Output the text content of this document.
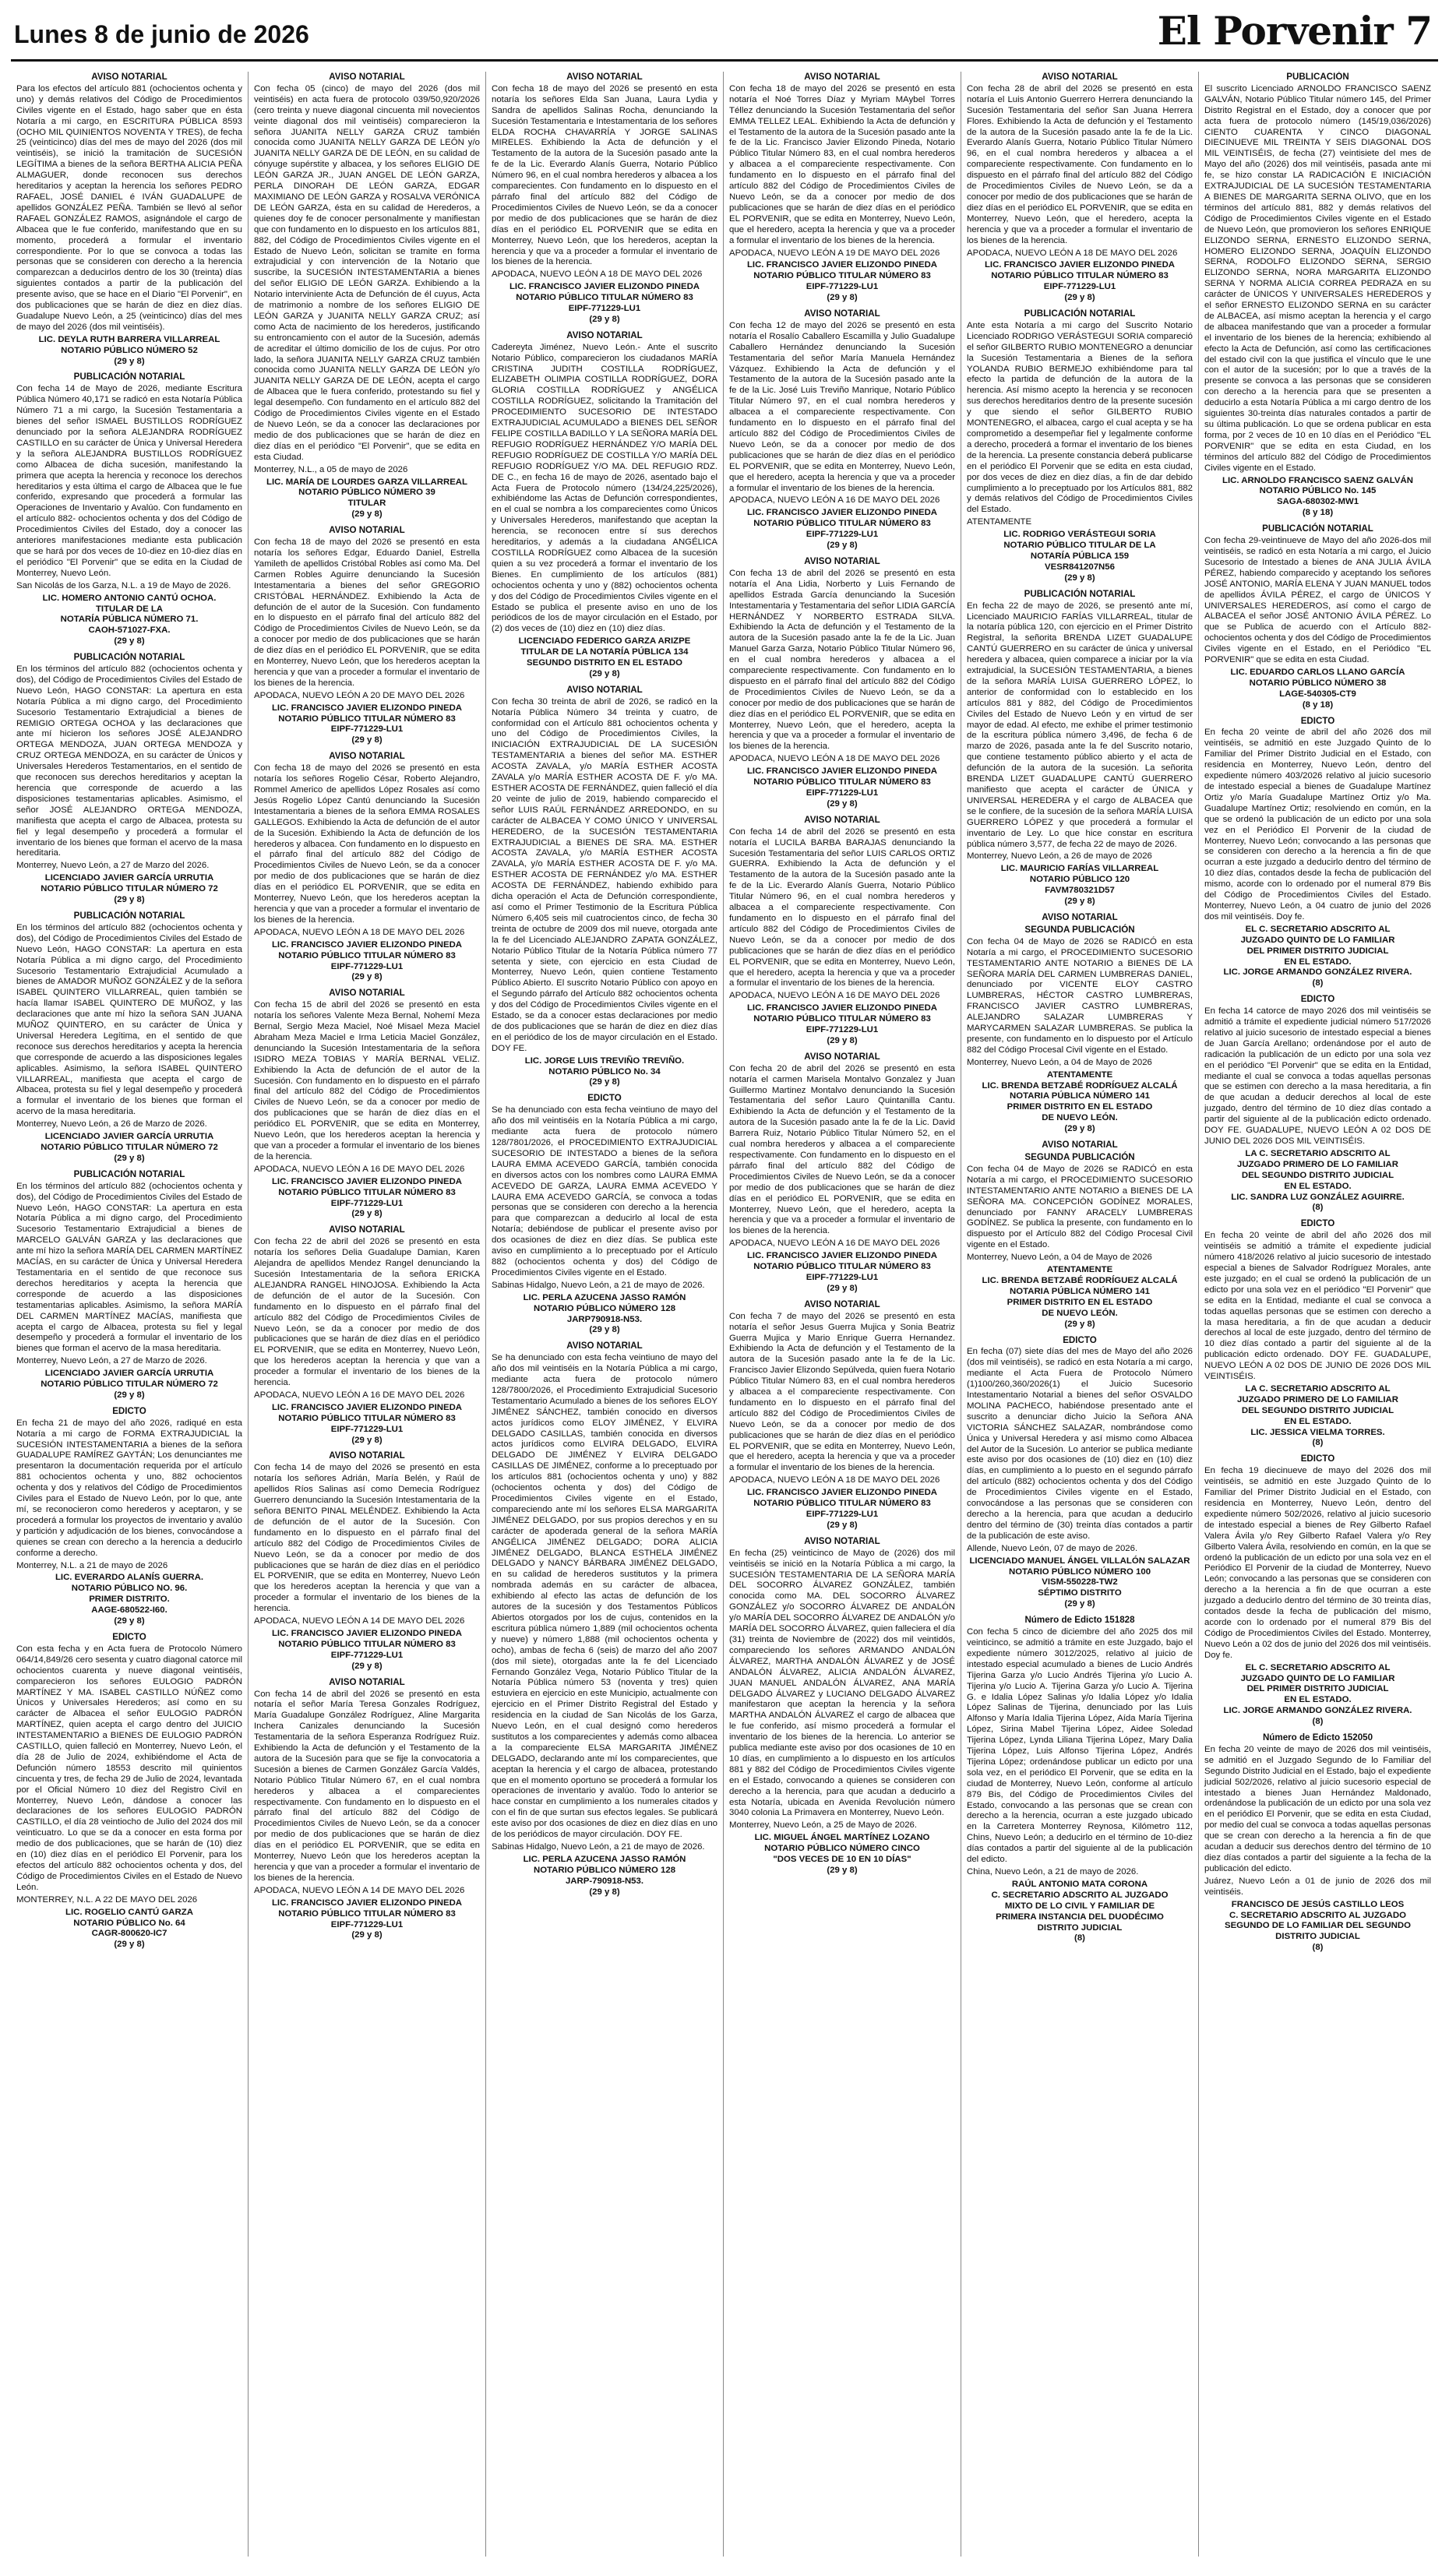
Lunes 8 de junio de 2026	El Porvenir 7
AVISO NOTARIAL

Para los efectos del artículo 881 (ochocientos ochenta y uno) y demás relativos del Código de Procedimientos Civiles vigente en el Estado, hago saber que en ésta Notaría a mi cargo, en ESCRITURA PÚBLICA 8593 (OCHO MIL QUINIENTOS NOVENTA Y TRES), de fecha 25 (veinticinco) días del mes de mayo del 2026 (dos mil veintiséis), se inició la tramitación de SUCESIÓN LEGÍTIMA a bienes de la señora BERTHA ALICIA PEÑA ALMAGUER, donde reconocen sus derechos hereditarios y aceptan la herencia los señores PEDRO RAFAEL, JOSÉ DANIEL é IVÁN GUADALUPE de apellidos GONZÁLEZ PEÑA. También se llevó al señor RAFAEL GONZÁLEZ RAMOS, asignándole el cargo de Albacea que le fue conferido, manifestando que en su momento, procederá a formular el inventario correspondiente. Por lo que se convoca a todas las personas que se consideren con derecho a la herencia comparezcan a deducirlos dentro de los 30 (treinta) días siguientes contados a partir de la publicación del presente aviso, que se hace en el Diario "El Porvenir", en dos publicaciones que se harán de diez en diez días. Guadalupe Nuevo León, a 25 (veinticinco) días del mes de mayo del 2026 (dos mil veintiséis).

LIC. DEYLA RUTH BARRERA VILLARREAL
NOTARIO PÚBLICO NÚMERO 52
(29 y 8)
PUBLICACIÓN NOTARIAL

Con fecha 14 de Mayo de 2026, mediante Escritura Pública Número 40,171 se radicó en esta Notaría Pública Número 71 a mi cargo, la Sucesión Testamentaria a bienes del señor ISMAEL BUSTILLOS RODRÍGUEZ denunciado por la señora ALEJANDRA RODRÍGUEZ CASTILLO en su carácter de Única y Universal Heredera y la señora ALEJANDRA BUSTILLOS RODRÍGUEZ como Albacea de dicha sucesión, manifestando la primera que acepta la herencia y reconoce los derechos hereditarios y esta última el cargo de Albacea que le fue conferido, expresando que procederá a formular las Operaciones de Inventario y Avalúo. Con fundamento en el artículo 882- ochocientos ochenta y dos del Código de Procedimientos Civiles del Estado, doy a conocer las anteriores manifestaciones mediante esta publicación que se hará por dos veces de 10-diez en 10-diez días en el periódico "El Porvenir" que se edita en la Ciudad de Monterrey, Nuevo León.

San Nicolás de los Garza, N.L. a 19 de Mayo de 2026.

LIC. HOMERO ANTONIO CANTÚ OCHOA.
TITULAR DE LA
NOTARÍA PÚBLICA NÚMERO 71.
CAOH-571027-FXA.
(29 y 8)
PUBLICACIÓN NOTARIAL

En los términos del artículo 882 (ochocientos ochenta y dos), del Código de Procedimientos Civiles del Estado de Nuevo León, HAGO CONSTAR: La apertura en esta Notaría Pública a mi digno cargo, del Procedimiento Sucesorio Testamentario Extrajudicial a bienes de REMIGIO ORTEGA OCHOA y las declaraciones que ante mí hicieron los señores JOSÉ ALEJANDRO ORTEGA MENDOZA, JUAN ORTEGA MENDOZA y CRUZ ORTEGA MENDOZA, en su carácter de Únicos y Universales Herederos Testamentarios, en el sentido de que reconocen sus derechos hereditarios y aceptan la herencia que corresponde de acuerdo a las disposiciones testamentarias aplicables. Asimismo, el señor JOSÉ ALEJANDRO ORTEGA MENDOZA, manifiesta que acepta el cargo de Albacea, protesta su fiel y legal desempeño y procederá a formular el inventario de los bienes que forman el acervo de la masa hereditaria.

Monterrey, Nuevo León, a 27 de Marzo del 2026.

LICENCIADO JAVIER GARCÍA URRUTIA
NOTARIO PÚBLICO TITULAR NÚMERO 72
(29 y 8)
PUBLICACIÓN NOTARIAL

En los términos del artículo 882 (ochocientos ochenta y dos), del Código de Procedimientos Civiles del Estado de Nuevo León, HAGO CONSTAR: La apertura en esta Notaría Pública a mi digno cargo, del Procedimiento Sucesorio Testamentario Extrajudicial Acumulado a bienes de AMADOR MUÑOZ GONZÁLEZ y de la señora ISABEL QUINTERO VILLARREAL, quien también se hacía llamar ISABEL QUINTERO DE MUÑOZ, y las declaraciones que ante mí hizo la señora SAN JUANA MUÑOZ QUINTERO, en su carácter de Única y Universal Heredera Legítima, en el sentido de que reconoce sus derechos hereditarios y acepta la herencia que corresponde de acuerdo a las disposiciones legales aplicables. Asimismo, la señora ISABEL QUINTERO VILLARREAL, manifiesta que acepta el cargo de Albacea, protesta su fiel y legal desempeño y procederá a formular el inventario de los bienes que forman el acervo de la masa hereditaria.

Monterrey, Nuevo León, a 26 de Marzo de 2026.

LICENCIADO JAVIER GARCÍA URRUTIA
NOTARIO PÚBLICO TITULAR NÚMERO 72
(29 y 8)
PUBLICACIÓN NOTARIAL

En los términos del artículo 882 (ochocientos ochenta y dos), del Código de Procedimientos Civiles del Estado de Nuevo León, HAGO CONSTAR: La apertura en esta Notaría Pública a mi digno cargo, del Procedimiento Sucesorio Testamentario Extrajudicial a bienes de MARCELO GALVÁN GARZA y las declaraciones que ante mí hizo la señora MARÍA DEL CARMEN MARTÍNEZ MACÍAS, en su carácter de Única y Universal Heredera Testamentaria en el sentido de que reconoce sus derechos hereditarios y acepta la herencia que corresponde de acuerdo a las disposiciones testamentarias aplicables. Asimismo, la señora MARÍA DEL CARMEN MARTÍNEZ MACÍAS, manifiesta que acepta el cargo de Albacea, protesta su fiel y legal desempeño y procederá a formular el inventario de los bienes que forman el acervo de la masa hereditaria.

Monterrey, Nuevo León, a 27 de Marzo de 2026.

LICENCIADO JAVIER GARCÍA URRUTIA
NOTARIO PÚBLICO TITULAR NÚMERO 72
(29 y 8)
EDICTO

En fecha 21 de mayo del año 2026, radiqué en esta Notaría a mi cargo de FORMA EXTRAJUDICIAL la SUCESIÓN INTESTAMENTARIA a bienes de la señora GUADALUPE RAMÍREZ GAYTÁN; Los denunciantes me presentaron la documentación requerida por el artículo 881 ochocientos ochenta y uno, 882 ochocientos ochenta y dos y relativos del Código de Procedimientos Civiles para el Estado de Nuevo León, por lo que, ante mí, se reconocieron como herederos y aceptaron, y se procederá a formular los proyectos de inventario y avalúo y partición y adjudicación de los bienes, convocándose a quienes se crean con derecho a la herencia a deducirlo conforme a derecho.

Monterrey, N.L. a 21 de mayo de 2026

LIC. EVERARDO ALANÍS GUERRA.
NOTARIO PÚBLICO NO. 96.
PRIMER DISTRITO.
AAGE-680522-I60.
(29 y 8)
EDICTO

Con esta fecha y en Acta fuera de Protocolo Número 064/14,849/26 cero sesenta y cuatro diagonal catorce mil ochocientos cuarenta y nueve diagonal veintiséis, comparecieron los señores EULOGIO PADRÓN MARTÍNEZ Y MA. ISABEL CASTILLO NÚÑEZ como Únicos y Universales Herederos; así como en su carácter de Albacea el señor EULOGIO PADRÓN MARTÍNEZ, quien acepta el cargo dentro del JUICIO INTESTAMENTARIO a BIENES DE EULOGIO PADRÓN CASTILLO, quien falleció en Monterrey, Nuevo León, el día 28 de Julio de 2024, exhibiéndome el Acta de Defunción número 18553 descrito mil quinientos cincuenta y tres, de fecha 29 de Julio de 2024, levantada por el Oficial Número 10 diez del Registro Civil en Monterrey, Nuevo León, dándose a conocer las declaraciones de los señores EULOGIO PADRÓN CASTILLO, el día 28 veintiocho de Julio del 2024 dos mil veinticuatro. Lo que se da a conocer en esta forma por medio de dos publicaciones, que se harán de (10) diez en (10) diez días en el periódico El Porvenir, para los efectos del artículo 882 ochocientos ochenta y dos, del Código de Procedimientos Civiles en el Estado de Nuevo León.

MONTERREY, N.L. A 22 DE MAYO DEL 2026

LIC. ROGELIO CANTÚ GARZA
NOTARIO PÚBLICO No. 64
CAGR-800620-IC7
(29 y 8)
AVISO NOTARIAL

Con fecha 05 (cinco) de mayo del 2026 (dos mil veintiséis) en acta fuera de protocolo 039/50,920/2026 (cero treinta y nueve diagonal cincuenta mil novecientos veinte diagonal dos mil veintiséis) comparecieron la señora JUANITA NELLY GARZA CRUZ también conocida como JUANITA NELLY GARZA DE LEÓN y/o JUANITA NELLY GARZA DE DE LEÓN, en su calidad de cónyuge supérstite y albacea, y los señores ELIGIO DE LEÓN GARZA JR., JUAN ANGEL DE LEÓN GARZA, PERLA DINORAH DE LEÓN GARZA, EDGAR MAXIMIANO DE LEÓN GARZA y ROSALVA VERÓNICA DE LEÓN GARZA, ésta en su calidad de Herederos, a quienes doy fe de conocer personalmente y manifiestan que con fundamento en lo dispuesto en los artículos 881, 882, del Código de Procedimientos Civiles vigente en el Estado de Nuevo León, solicitan se tramite en forma extrajudicial y con intervención de la Notario que suscribe, la SUCESIÓN INTESTAMENTARIA a bienes del señor ELIGIO DE LEÓN GARZA. Exhibiendo a la Notario interviniente Acta de Defunción de él cuyus, Acta de matrimonio a nombre de los señores ELIGIO DE LEÓN GARZA y JUANITA NELLY GARZA CRUZ; así como Acta de nacimiento de los herederos, justificando su entroncamiento con el autor de la Sucesión, además de acreditar el último domicilio de los de cujus. Por otro lado, la señora JUANITA NELLY GARZA CRUZ también conocida como JUANITA NELLY GARZA DE LEÓN y/o JUANITA NELLY GARZA DE DE LEÓN, acepta el cargo de Albacea que le fuera conferido, protestando su fiel y legal desempeño. Con fundamento en el artículo 882 del Código de Procedimientos Civiles vigente en el Estado de Nuevo León, se da a conocer las declaraciones por medio de dos publicaciones que se harán de diez en diez días en el periódico "El Porvenir", que se edita en esta Ciudad.

Monterrey, N.L., a 05 de mayo de 2026

LIC. MARÍA DE LOURDES GARZA VILLARREAL
NOTARIO PÚBLICO NÚMERO 39
TITULAR
(29 y 8)
AVISO NOTARIAL

Con fecha 18 de mayo del 2026 se presentó en esta notaría los señores Edgar, Eduardo Daniel, Estrella Yamileth de apellidos Cristóbal Robles así como Ma. Del Carmen Robles Aguirre denunciando la Sucesión Intestamentaria a bienes del señor GREGORIO CRISTÓBAL HERNÁNDEZ. Exhibiendo la Acta de defunción de el autor de la Sucesión. Con fundamento en lo dispuesto en el párrafo final del artículo 882 del Código de Procedimientos Civiles de Nuevo León, se da a conocer por medio de dos publicaciones que se harán de diez días en el periódico EL PORVENIR, que se edita en Monterrey, Nuevo León, que los herederos aceptan la herencia y que van a proceder a formular el inventario de los bienes de la herencia.

APODACA, NUEVO LEÓN A 20 DE MAYO DEL 2026

LIC. FRANCISCO JAVIER ELIZONDO PINEDA
NOTARIO PÚBLICO TITULAR NÚMERO 83
EIPF-771229-LU1
(29 y 8)
AVISO NOTARIAL

Con fecha 18 de mayo del 2026 se presentó en esta notaría los señores Rogelio César, Roberto Alejandro, Rommel Americo de apellidos López Rosales así como Jesús Rogelio López Cantú denunciando la Sucesión Intestamentaria a bienes de la señora EMMA ROSALES GALLEGOS. Exhibiendo la Acta de defunción de el autor de la Sucesión. Exhibiendo la Acta de defunción de los herederos y albacea. Con fundamento en lo dispuesto en el párrafo final del artículo 882 del Código de Procedimientos Civiles de Nuevo León, se da a conocer por medio de dos publicaciones que se harán de diez días en el periódico EL PORVENIR, que se edita en Monterrey, Nuevo León, que los herederos aceptan la herencia y que van a proceder a formular el inventario de los bienes de la herencia.

APODACA, NUEVO LEÓN A 18 DE MAYO DEL 2026

LIC. FRANCISCO JAVIER ELIZONDO PINEDA
NOTARIO PÚBLICO TITULAR NÚMERO 83
EIPF-771229-LU1
(29 y 8)
AVISO NOTARIAL

Con fecha 15 de abril del 2026 se presentó en esta notaría los señores Valente Meza Bernal, Nohemí Meza Bernal, Sergio Meza Maciel, Noé Misael Meza Maciel Abraham Meza Maciel e Irma Leticia Maciel González, denunciando la Sucesión Intestamentaria de la señora ISIDRO MEZA TOBIAS Y MARÍA BERNAL VELIZ. Exhibiendo la Acta de defunción de el autor de la Sucesión. Con fundamento en lo dispuesto en el párrafo final del artículo 882 del Código de Procedimientos Civiles de Nuevo León, se da a conocer por medio de dos publicaciones que se harán de diez días en el periódico EL PORVENIR, que se edita en Monterrey, Nuevo León, que los herederos aceptan la herencia y que van a proceder a formular el inventario de los bienes de la herencia.

APODACA, NUEVO LEÓN A 16 DE MAYO DEL 2026

LIC. FRANCISCO JAVIER ELIZONDO PINEDA
NOTARIO PÚBLICO TITULAR NÚMERO 83
EIPF-771229-LU1
(29 y 8)
AVISO NOTARIAL

Con fecha 22 de abril del 2026 se presentó en esta notaría los señores Delia Guadalupe Damian, Karen Alejandra de apellidos Mendez Rangel denunciando la Sucesión Intestamentaria de la señora ERICKA ALEJANDRA RANGEL HINOJOSA. Exhibiendo la Acta de defunción de el autor de la Sucesión. Con fundamento en lo dispuesto en el párrafo final del artículo 882 del Código de Procedimientos Civiles de Nuevo León, se da a conocer por medio de dos publicaciones que se harán de diez días en el periódico EL PORVENIR, que se edita en Monterrey, Nuevo León, que los herederos aceptan la herencia y que van a proceder a formular el inventario de los bienes de la herencia.

APODACA, NUEVO LEÓN A 16 DE MAYO DEL 2026

LIC. FRANCISCO JAVIER ELIZONDO PINEDA
NOTARIO PÚBLICO TITULAR NÚMERO 83
EIPF-771229-LU1
(29 y 8)
AVISO NOTARIAL

Con fecha 14 de mayo del 2026 se presentó en esta notaría los señores Adrián, María Belén, y Raúl de apellidos Ríos Salinas así como Demecia Rodríguez Guerrero denunciando la Sucesión Intestamentaria de la señora BENITO PINAL MELÉNDEZ. Exhibiendo la Acta de defunción de el autor de la Sucesión. Con fundamento en lo dispuesto en el párrafo final del artículo 882 del Código de Procedimientos Civiles de Nuevo León, se da a conocer por medio de dos publicaciones que se harán de diez días en el periódico EL PORVENIR, que se edita en Monterrey, Nuevo León que los herederos aceptan la herencia y que van a proceder a formular el inventario de los bienes de la herencia.

APODACA, NUEVO LEÓN A 14 DE MAYO DEL 2026

LIC. FRANCISCO JAVIER ELIZONDO PINEDA
NOTARIO PÚBLICO TITULAR NÚMERO 83
EIPF-771229-LU1
(29 y 8)
AVISO NOTARIAL

Con fecha 14 de abril del 2026 se presentó en esta notaría el señor María Teresa Gonzales Rodríguez, María Guadalupe González Rodríguez, Aline Margarita Inchera Canizales denunciando la Sucesión Testamentaria de la señora Esperanza Rodríguez Ruiz. Exhibiendo la Acta de defunción y el Testamento de la autora de la Sucesión para que se fije la convocatoria a Sucesión a bienes de Carmen González García Valdés, Notario Público Titular Número 67, en el cual nombra herederos y albacea a el comparecientes respectivamente. Con fundamento en lo dispuesto en el párrafo final del artículo 882 del Código de Procedimientos Civiles de Nuevo León, se da a conocer por medio de dos publicaciones que se harán de diez días en el periódico EL PORVENIR, que se edita en Monterrey, Nuevo León que los herederos aceptan la herencia y que van a proceder a formular el inventario de los bienes de la herencia.

APODACA, NUEVO LEÓN A 14 DE MAYO DEL 2026

LIC. FRANCISCO JAVIER ELIZONDO PINEDA
NOTARIO PÚBLICO TITULAR NÚMERO 83
EIPF-771229-LU1
(29 y 8)
AVISO NOTARIAL

Con fecha 18 de mayo del 2026 se presentó en esta notaría los señores Elda San Juana, Laura Lydia y Sandra de apellidos Salinas Rocha, denunciando la Sucesión Testamentaria e Intestamentaria de los señores ELDA ROCHA CHAVARRÍA Y JORGE SALINAS MIRELES. Exhibiendo la Acta de defunción y el Testamento de la autora de la Sucesión pasado ante la fe de la Lic. Everardo Alanís Guerra, Notario Público Número 96, en el cual nombra herederos y albacea a los comparecientes. Con fundamento en lo dispuesto en el párrafo final del artículo 882 del Código de Procedimientos Civiles de Nuevo León, se da a conocer por medio de dos publicaciones que se harán de diez días en el periódico EL PORVENIR que se edita en Monterrey, Nuevo León, que los herederos, aceptan la herencia y que va a proceder a formular el inventario de los bienes de la herencia.

APODACA, NUEVO LEÓN A 18 DE MAYO DEL 2026

LIC. FRANCISCO JAVIER ELIZONDO PINEDA
NOTARIO PÚBLICO TITULAR NÚMERO 83
EIPF-771229-LU1
(29 y 8)
AVISO NOTARIAL

Cadereyta Jiménez, Nuevo León.- Ante el suscrito Notario Público, comparecieron los ciudadanos MARÍA CRISTINA JUDITH COSTILLA RODRÍGUEZ, ELIZABETH OLIMPIA COSTILLA RODRÍGUEZ, DORA GLORIA COSTILLA RODRÍGUEZ y ANGÉLICA COSTILLA RODRÍGUEZ, solicitando la Tramitación del PROCEDIMIENTO SUCESORIO DE INTESTADO EXTRAJUDICIAL ACUMULADO a BIENES DEL SEÑOR FELIPE COSTILLA BADILLO Y LA SEÑORA MARÍA DEL REFUGIO RODRÍGUEZ HERNÁNDEZ Y/O MARÍA DEL REFUGIO RODRÍGUEZ DE COSTILLA Y/O MARÍA DEL REFUGIO RODRÍGUEZ Y/O MA. DEL REFUGIO RDZ. DE C., en fecha 16 de mayo de 2026, asentado bajo el Acta Fuera de Protocolo número (134/24,225/2026), exhibiéndome las Actas de Defunción correspondientes, en el cual se nombra a los comparecientes como Únicos y Universales Herederos, manifestando que aceptan la herencia, se reconocen entre sí sus derechos hereditarios, y además a la ciudadana ANGÉLICA COSTILLA RODRÍGUEZ como Albacea de la sucesión quien a su vez procederá a formar el inventario de los Bienes. En cumplimiento de los artículos (881) ochocientos ochenta y uno y (882) ochocientos ochenta y dos del Código de Procedimientos Civiles vigente en el Estado se publica el presente aviso en uno de los periódicos de los de mayor circulación en el Estado, por (2) dos veces de (10) diez en (10) diez días.

LICENCIADO FEDERICO GARZA ARIZPE
TITULAR DE LA NOTARÍA PÚBLICA 134
SEGUNDO DISTRITO EN EL ESTADO
(29 y 8)
AVISO NOTARIAL

Con fecha 30 treinta de abril de 2026, se radicó en la Notaría Pública Número 34 treinta y cuatro, de conformidad con el Artículo 881 ochocientos ochenta y uno del Código de Procedimientos Civiles, la INICIACIÓN EXTRAJUDICIAL DE LA SUCESIÓN TESTAMENTARIA a bienes del señor MA. ESTHER ACOSTA ZAVALA, y/o MARÍA ESTHER ACOSTA ZAVALA y/o MARÍA ESTHER ACOSTA DE F. y/o MA. ESTHER ACOSTA DE FERNÁNDEZ, quien falleció el día 20 veinte de julio de 2019, habiendo comparecido el señor LUIS RAÚL FERNÁNDEZ ARREDONDO, en su carácter de ALBACEA Y COMO ÚNICO Y UNIVERSAL HEREDERO, de la SUCESIÓN TESTAMENTARIA EXTRAJUDICIAL a BIENES DE SRA. MA. ESTHER ACOSTA ZAVALA, y/o MARÍA ESTHER ACOSTA ZAVALA, y/o MARÍA ESTHER ACOSTA DE F. y/o MA. ESTHER ACOSTA DE FERNÁNDEZ y/o MA. ESTHER ACOSTA DE FERNÁNDEZ, habiendo exhibido para dicha operación el Acta de Defunción correspondiente, así como el Primer Testimonio de la Escritura Pública Número 6,405 seis mil cuatrocientos cinco, de fecha 30 treinta de octubre de 2009 dos mil nueve, otorgada ante la fe del Licenciado ALEJANDRO ZAPATA GONZÁLEZ, Notario Público Titular de la Notaría Pública número 77 setenta y siete, con ejercicio en esta Ciudad de Monterrey, Nuevo León, quien contiene Testamento Público Abierto. El suscrito Notario Público con apoyo en el Segundo párrafo del Artículo 882 ochocientos ochenta y dos del Código de Procedimientos Civiles vigente en el Estado, se da a conocer estas declaraciones por medio de dos publicaciones que se harán de diez en diez días en el periódico de los de mayor circulación en el Estado. DOY FE.

LIC. JORGE LUIS TREVIÑO TREVIÑO.
NOTARIO PÚBLICO No. 34
(29 y 8)
EDICTO

Se ha denunciado con esta fecha veintiuno de mayo del año dos mil veintiséis en la Notaría Pública a mi cargo, mediante acta fuera de protocolo número 128/7801/2026, el PROCEDIMIENTO EXTRAJUDICIAL SUCESORIO DE INTESTADO a bienes de la señora LAURA EMMA ACEVEDO GARCÍA, también conocida en diversos actos con los nombres como LAURA EMMA ACEVEDO DE GARZA, LAURA EMMA ACEVEDO Y LAURA EMA ACEVEDO GARCÍA, se convoca a todas personas que se consideren con derecho a la herencia para que comparezcan a deducirlo al local de esta Notaría; debiéndose de publicar el presente aviso por dos ocasiones de diez en diez días. Se publica este aviso en cumplimiento a lo preceptuado por el Artículo 882 (ochocientos ochenta y dos) del Código de Procedimientos Civiles vigente en el Estado.

Sabinas Hidalgo, Nuevo León, a 21 de mayo de 2026.

LIC. PERLA AZUCENA JASSO RAMÓN
NOTARIO PÚBLICO NÚMERO 128
JARP790918-N53.
(29 y 8)
AVISO NOTARIAL

Se ha denunciado con esta fecha veintiuno de mayo del año dos mil veintiséis en la Notaría Pública a mi cargo, mediante acta fuera de protocolo número 128/7800/2026, el Procedimiento Extrajudicial Sucesorio Testamentario Acumulado a bienes de los señores ELOY JIMÉNEZ SÁNCHEZ, también conocido en diversos actos jurídicos como ELOY JIMÉNEZ, Y ELVIRA DELGADO CASILLAS, también conocida en diversos actos jurídicos como ELVIRA DELGADO, ELVIRA DELGADO DE JIMÉNEZ Y ELVIRA DELGADO CASILLAS DE JIMÉNEZ, conforme a lo preceptuado por los artículos 881 (ochocientos ochenta y uno) y 882 (ochocientos ochenta y dos) del Código de Procedimientos Civiles vigente en el Estado, compareciendo ante mí los señores ELSA MARGARITA JIMÉNEZ DELGADO, por sus propios derechos y en su carácter de apoderada general de la señora MARÍA ANGÉLICA JIMÉNEZ DELGADO; DORA ALICIA JIMÉNEZ DELGADO, BLANCA ESTHELA JIMÉNEZ DELGADO y NANCY BÁRBARA JIMÉNEZ DELGADO, en su calidad de herederos sustitutos y la primera nombrada además en su carácter de albacea, exhibiendo al efecto las actas de defunción de los autores de la sucesión y dos Testamentos Públicos Abiertos otorgados por los de cujus, contenidos en la escritura pública número 1,889 (mil ochocientos ochenta y nueve) y número 1,888 (mil ochocientos ochenta y ocho), ambas de fecha 6 (seis) de marzo del año 2007 (dos mil siete), otorgadas ante la fe del Licenciado Fernando González Vega, Notario Público Titular de la Notaría Pública número 53 (noventa y tres) quien estuviera en ejercicio en este Municipio, actualmente con ejercicio en el Primer Distrito Registral del Estado y residencia en la ciudad de San Nicolás de los Garza, Nuevo León, en el cual designó como herederos sustitutos a los comparecientes y además como albacea a la compareciente ELSA MARGARITA JIMÉNEZ DELGADO, declarando ante mí los comparecientes, que aceptan la herencia y el cargo de albacea, protestando que en el momento oportuno se procederá a formular los operaciones de inventario y avalúo. Todo lo anterior se hace constar en cumplimiento a los numerales citados y con el fin de que surtan sus efectos legales. Se publicará este aviso por dos ocasiones de diez en diez días en uno de los periódicos de mayor circulación. DOY FE.

Sabinas Hidalgo, Nuevo León, a 21 de mayo de 2026.

LIC. PERLA AZUCENA JASSO RAMÓN
NOTARIO PÚBLICO NÚMERO 128
JARP-790918-N53.
(29 y 8)
AVISO NOTARIAL

Con fecha 18 de mayo del 2026 se presentó en esta notaría el Noé Torres Díaz y Myriam MAybel Torres Téllez denunciando la Sucesión Testamentaria del señor EMMA TELLEZ LEAL. Exhibiendo la Acta de defunción y el Testamento de la autora de la Sucesión pasado ante la fe de la Lic. Francisco Javier Elizondo Pineda, Notario Público Titular Número 83, en el cual nombra herederos y albacea a el compareciente respectivamente. Con fundamento en lo dispuesto en el párrafo final del artículo 882 del Código de Procedimientos Civiles de Nuevo León, se da a conocer por medio de dos publicaciones que se harán de diez días en el periódico EL PORVENIR, que se edita en Monterrey, Nuevo León, que el heredero, acepta la herencia y que va a proceder a formular el inventario de los bienes de la herencia.

APODACA, NUEVO LEÓN A 19 DE MAYO DEL 2026

LIC. FRANCISCO JAVIER ELIZONDO PINEDA
NOTARIO PÚBLICO TITULAR NÚMERO 83
EIPF-771229-LU1
(29 y 8)
AVISO NOTARIAL

Con fecha 12 de mayo del 2026 se presentó en esta notaría el Rosalío Caballero Escamilla y Julio Guadalupe Caballero Hernández denunciando la Sucesión Testamentaria del señor María Manuela Hernández Vázquez. Exhibiendo la Acta de defunción y el Testamento de la autora de la Sucesión pasado ante la fe de la Lic. José Luis Treviño Manrique, Notario Público Titular Número 97, en el cual nombra herederos y albacea a el compareciente respectivamente. Con fundamento en lo dispuesto en el párrafo final del artículo 882 del Código de Procedimientos Civiles de Nuevo León, se da a conocer por medio de dos publicaciones que se harán de diez días en el periódico EL PORVENIR, que se edita en Monterrey, Nuevo León, que el heredero, acepta la herencia y que va a proceder a formular el inventario de los bienes de la herencia.

APODACA, NUEVO LEÓN A 16 DE MAYO DEL 2026

LIC. FRANCISCO JAVIER ELIZONDO PINEDA
NOTARIO PÚBLICO TITULAR NÚMERO 83
EIPF-771229-LU1
(29 y 8)
AVISO NOTARIAL

Con fecha 13 de abril del 2026 se presentó en esta notaría el Ana Lidia, Norberto y Luis Fernando de apellidos Estrada García denunciando la Sucesión Intestamentaria y Testamentaria del señor LIDIA GARCÍA HERNÁNDEZ Y NORBERTO ESTRADA SILVA. Exhibiendo la Acta de defunción y el Testamento de la autora de la Sucesión pasado ante la fe de la Lic. Juan Manuel Garza Garza, Notario Público Titular Número 96, en el cual nombra herederos y albacea a el compareciente respectivamente. Con fundamento en lo dispuesto en el párrafo final del artículo 882 del Código de Procedimientos Civiles de Nuevo León, se da a conocer por medio de dos publicaciones que se harán de diez días en el periódico EL PORVENIR, que se edita en Monterrey, Nuevo León, que el heredero, acepta la herencia y que va a proceder a formular el inventario de los bienes de la herencia.

APODACA, NUEVO LEÓN A 18 DE MAYO DEL 2026

LIC. FRANCISCO JAVIER ELIZONDO PINEDA
NOTARIO PÚBLICO TITULAR NÚMERO 83
EIPF-771229-LU1
(29 y 8)
AVISO NOTARIAL

Con fecha 14 de abril del 2026 se presentó en esta notaría el LUCILA BARBA BARAJAS denunciando la Sucesión Testamentaria del señor LUIS CARLOS ORTIZ GUERRA. Exhibiendo la Acta de defunción y el Testamento de la autora de la Sucesión pasado ante la fe de la Lic. Everardo Alanís Guerra, Notario Público Titular Número 96, en el cual nombra herederos y albacea a el compareciente respectivamente. Con fundamento en lo dispuesto en el párrafo final del artículo 882 del Código de Procedimientos Civiles de Nuevo León, se da a conocer por medio de dos publicaciones que se harán de diez días en el periódico EL PORVENIR, que se edita en Monterrey, Nuevo León, que el heredero, acepta la herencia y que va a proceder a formular el inventario de los bienes de la herencia.

APODACA, NUEVO LEÓN A 16 DE MAYO DEL 2026

LIC. FRANCISCO JAVIER ELIZONDO PINEDA
NOTARIO PÚBLICO TITULAR NÚMERO 83
EIPF-771229-LU1
(29 y 8)
AVISO NOTARIAL

Con fecha 20 de abril del 2026 se presentó en esta notaría el carmen Marisela Montalvo Gonzalez y Juan Guillermo Martinez Montalvo denunciando la Sucesión Testamentaria del señor Lauro Quintanilla Cantu. Exhibiendo la Acta de defunción y el Testamento de la autora de la Sucesión pasado ante la fe de la Lic. David Barrera Ruiz, Notario Público Titular Número 52, en el cual nombra herederos y albacea a el compareciente respectivamente. Con fundamento en lo dispuesto en el párrafo final del artículo 882 del Código de Procedimientos Civiles de Nuevo León, se da a conocer por medio de dos publicaciones que se harán de diez días en el periódico EL PORVENIR, que se edita en Monterrey, Nuevo León, que el heredero, acepta la herencia y que va a proceder a formular el inventario de los bienes de la herencia.

APODACA, NUEVO LEÓN A 16 DE MAYO DEL 2026

LIC. FRANCISCO JAVIER ELIZONDO PINEDA
NOTARIO PÚBLICO TITULAR NÚMERO 83
EIPF-771229-LU1
(29 y 8)
AVISO NOTARIAL

Con fecha 7 de mayo del 2026 se presentó en esta notaría el señor Jesus Guerra Mujica y Sonia Beatriz Guerra Mujica y Mario Enrique Guerra Hernandez. Exhibiendo la Acta de defunción y el Testamento de la autora de la Sucesión pasado ante la fe de la Lic. Francisco Javier Elizondo Sepúlveda, quien fuera Notario Público Titular Número 83, en el cual nombra herederos y albacea a el compareciente respectivamente. Con fundamento en lo dispuesto en el párrafo final del artículo 882 del Código de Procedimientos Civiles de Nuevo León, se da a conocer por medio de dos publicaciones que se harán de diez días en el periódico EL PORVENIR, que se edita en Monterrey, Nuevo León, que el heredero, acepta la herencia y que va a proceder a formular el inventario de los bienes de la herencia.

APODACA, NUEVO LEÓN A 18 DE MAYO DEL 2026

LIC. FRANCISCO JAVIER ELIZONDO PINEDA
NOTARIO PÚBLICO TITULAR NÚMERO 83
EIPF-771229-LU1
(29 y 8)
AVISO NOTARIAL

En fecha (25) veinticinco de Mayo de (2026) dos mil veintiséis se inició en la Notaría Pública a mi cargo, la SUCESIÓN TESTAMENTARIA DE LA SEÑORA MARÍA DEL SOCORRO ÁLVAREZ GONZÁLEZ, también conocida como MA. DEL SOCORRO ÁLVAREZ GONZÁLEZ y/o SOCORRO ÁLVAREZ DE ANDALÓN y/o MARÍA DEL SOCORRO ÁLVAREZ DE ANDALÓN y/o MARÍA DEL SOCORRO ÁLVAREZ, quien falleciera el día (31) treinta de Noviembre de (2022) dos mil veintidós, compareciendo los señores ARMANDO ANDALÓN ÁLVAREZ, MARTHA ANDALÓN ÁLVAREZ y de JOSÉ ANDALÓN ÁLVAREZ, ALICIA ANDALÓN ÁLVAREZ, JUAN MANUEL ANDALÓN ÁLVAREZ, ANA MARÍA DELGADO ÁLVAREZ y LUCIANO DELGADO ÁLVAREZ manifestaron que aceptan la herencia y la señora MARTHA ANDALÓN ÁLVAREZ el cargo de albacea que le fue conferido, así mismo procederá a formular el inventario de los bienes de la herencia. Lo anterior se publica mediante este aviso por dos ocasiones de 10 en 10 días, en cumplimiento a lo dispuesto en los artículos 881 y 882 del Código de Procedimientos Civiles vigente en el Estado, convocando a quienes se consideren con derecho a la herencia, para que acudan a deducirlo a esta Notaría, ubicada en Avenida Revolución número 3040 colonia La Primavera en Monterrey, Nuevo León.

Monterrey, Nuevo León, a 25 de Mayo de 2026.

LIC. MIGUEL ÁNGEL MARTÍNEZ LOZANO
NOTARIO PÚBLICO NÚMERO CINCO
"DOS VECES DE 10 EN 10 DÍAS"
(29 y 8)
AVISO NOTARIAL

Con fecha 28 de abril del 2026 se presentó en esta notaría el Luis Antonio Guerrero Herrera denunciando la Sucesión Testamentaria del señor San Juana Herrera Flores. Exhibiendo la Acta de defunción y el Testamento de la autora de la Sucesión pasado ante la fe de la Lic. Everardo Alanís Guerra, Notario Público Titular Número 96, en el cual nombra herederos y albacea a el compareciente respectivamente. Con fundamento en lo dispuesto en el párrafo final del artículo 882 del Código de Procedimientos Civiles de Nuevo León, se da a conocer por medio de dos publicaciones que se harán de diez días en el periódico EL PORVENIR, que se edita en Monterrey, Nuevo León, que el heredero, acepta la herencia y que va a proceder a formular el inventario de los bienes de la herencia.

APODACA, NUEVO LEÓN A 18 DE MAYO DEL 2026

LIC. FRANCISCO JAVIER ELIZONDO PINEDA
NOTARIO PÚBLICO TITULAR NÚMERO 83
EIPF-771229-LU1
(29 y 8)
PUBLICACIÓN NOTARIAL

Ante esta Notaría a mi cargo del Suscrito Notario Licenciado RODRIGO VERÁSTEGUI SORIA compareció el señor GILBERTO RUBIO MONTENEGRO a denunciar la Sucesión Testamentaria a Bienes de la señora YOLANDA RUBIO BERMEJO exhibiéndome para tal efecto la partida de defunción de la autora de la herencia. Así mismo acepto la herencia y se reconocen sus derechos hereditarios dentro de la presente sucesión y que siendo el señor GILBERTO RUBIO MONTENEGRO, el albacea, cargo el cual acepta y se ha comprometido a desempeñar fiel y legalmente conforme a derecho, procederá a formar el inventario de los bienes de la herencia. La presente constancia deberá publicarse en el periódico El Porvenir que se edita en esta ciudad, por dos veces de diez en diez días, a fin de dar debido cumplimiento a lo preceptuado por los Artículos 881, 882 y demás relativos del Código de Procedimientos Civiles del Estado.

ATENTAMENTE

LIC. RODRIGO VERÁSTEGUI SORIA
NOTARIO PÚBLICO TITULAR DE LA
NOTARÍA PÚBLICA 159
VESR841207N56
(29 y 8)
PUBLICACIÓN NOTARIAL

En fecha 22 de mayo de 2026, se presentó ante mí, Licenciado MAURICIO FARÍAS VILLARREAL, titular de la notaría pública 120, con ejercicio en el Primer Distrito Registral, la señorita BRENDA LIZET GUADALUPE CANTÚ GUERRERO en su carácter de única y universal heredera y albacea, quien comparece a iniciar por la vía extrajudicial, la SUCESIÓN TESTAMENTARIA, a bienes de la señora MARÍA LUISA GUERRERO LÓPEZ, lo anterior de conformidad con lo establecido en los artículos 881 y 882, del Código de Procedimientos Civiles del Estado de Nuevo León y en virtud de ser mayor de edad. Al efecto, me exhibe el primer testimonio de la escritura pública número 3,496, de fecha 6 de marzo de 2026, pasada ante la fe del Suscrito notario, que contiene testamento público abierto y el acta de defunción de la autora de la sucesión. La señorita BRENDA LIZET GUADALUPE CANTÚ GUERRERO manifiesto que acepta el carácter de ÚNICA y UNIVERSAL HEREDERA y el cargo de ALBACEA que se le confiere, de la sucesión de la señora MARÍA LUISA GUERRERO LÓPEZ y que procederá a formular el inventario de Ley. Lo que hice constar en escritura pública número 3,577, de fecha 22 de mayo de 2026.

Monterrey, Nuevo León, a 26 de mayo de 2026

LIC. MAURICIO FARÍAS VILLARREAL
NOTARIO PÚBLICO 120
FAVM780321D57
(29 y 8)
AVISO NOTARIAL
SEGUNDA PUBLICACIÓN

Con fecha 04 de Mayo de 2026 se RADICÓ en esta Notaría a mi cargo, el PROCEDIMIENTO SUCESORIO TESTAMENTARIO ANTE NOTARIO a BIENES DE LA SEÑORA MARÍA DEL CARMEN LUMBRERAS DANIEL, denunciado por VICENTE ELOY CASTRO LUMBRERAS, HÉCTOR CASTRO LUMBRERAS, FRANCISCO JAVIER CASTRO LUMBRERAS, ALEJANDRO SALAZAR LUMBRERAS Y MARYCARMEN SALAZAR LUMBRERAS. Se publica la presente, con fundamento en lo dispuesto por el Artículo 882 del Código Procesal Civil vigente en el Estado.

Monterrey, Nuevo León, a 04 de Mayo de 2026

ATENTAMENTE
LIC. BRENDA BETZABÉ RODRÍGUEZ ALCALÁ
NOTARIA PÚBLICA NÚMERO 141
PRIMER DISTRITO EN EL ESTADO
DE NUEVO LEÓN.
(29 y 8)
AVISO NOTARIAL
SEGUNDA PUBLICACIÓN

Con fecha 04 de Mayo de 2026 se RADICÓ en esta Notaría a mi cargo, el PROCEDIMIENTO SUCESORIO INTESTAMENTARIO ANTE NOTARIO a BIENES DE LA SEÑORA MA. CONCEPCIÓN GODÍNEZ MORALES, denunciado por FANNY ARACELY LUMBRERAS GODÍNEZ. Se publica la presente, con fundamento en lo dispuesto por el Artículo 882 del Código Procesal Civil vigente en el Estado.

Monterrey, Nuevo León, a 04 de Mayo de 2026

ATENTAMENTE
LIC. BRENDA BETZABÉ RODRÍGUEZ ALCALÁ
NOTARIA PÚBLICA NÚMERO 141
PRIMER DISTRITO EN EL ESTADO
DE NUEVO LEÓN.
(29 y 8)
EDICTO

En fecha (07) siete días del mes de Mayo del año 2026 (dos mil veintiséis), se radicó en esta Notaría a mi cargo, mediante el Acta Fuera de Protocolo Número (1)100/260,360/2026(1) el Juicio Sucesorio Intestamentario Notarial a bienes del señor OSVALDO MOLINA PACHECO, habiéndose presentado ante el suscrito a denunciar dicho Juicio la Señora ANA VICTORIA SÁNCHEZ SALAZAR, nombrándose como Única y Universal Heredera y así mismo como Albacea del Autor de la Sucesión. Lo anterior se publica mediante este aviso por dos ocasiones de (10) diez en (10) diez días, en cumplimiento a lo puesto en el segundo párrafo del artículo (882) ochocientos ochenta y dos del Código de Procedimientos Civiles vigente en el Estado, convocándose a las personas que se consideren con derecho a la herencia, para que acudan a deducirlo dentro del término de (30) treinta días contados a partir de la publicación de este aviso.

Allende, Nuevo León, 07 de mayo de 2026.

LICENCIADO MANUEL ÁNGEL VILLALÓN SALAZAR
NOTARIO PÚBLICO NÚMERO 100
VISM-550228-TW2
SÉPTIMO DISTRITO
(29 y 8)
Número de Edicto 151828

Con fecha 5 cinco de diciembre del año 2025 dos mil veinticinco, se admitió a trámite en este Juzgado, bajo el expediente número 3012/2025, relativo al juicio de intestado especial acumulado a bienes de Lucio Andrés Tijerina Garza y/o Lucio Andrés Tijerina y/o Lucio A. Tijerina y/o Lucio A. Tijerina Garza y/o Lucio A. Tijerina G. e Idalia López Salinas y/o Idalia López y/o Idalia López Salinas de Tijerina, denunciado por las Luis Alfonso y María Idalia Tijerina López, Aída María Tijerina López, Sirina Mabel Tijerina López, Aidee Soledad Tijerina López, Lynda Liliana Tijerina López, Mary Dalia Tijerina López, Luis Alfonso Tijerina López, Andrés Tijerina López; ordenándose publicar un edicto por una sola vez, en el periódico El Porvenir, que se edita en la ciudad de Monterrey, Nuevo León, conforme al artículo 879 Bis, del Código de Procedimientos Civiles del Estado, convocando a las personas que se crean con derecho a la herencia, ocurran a este juzgado ubicado en la Carretera Monterrey Reynosa, Kilómetro 112, Chins, Nuevo León; a deducirlo en el término de 10-diez días contados a partir del siguiente al de la publicación del edicto.

China, Nuevo León, a 21 de mayo de 2026.

RAÚL ANTONIO MATA CORONA
C. SECRETARIO ADSCRITO AL JUZGADO
MIXTO DE LO CIVIL Y FAMILIAR DE
PRIMERA INSTANCIA DEL DUODÉCIMO
DISTRITO JUDICIAL
(8)
PUBLICACIÓN

El suscrito Licenciado ARNOLDO FRANCISCO SAENZ GALVÁN, Notario Público Titular número 145, del Primer Distrito Registral en el Estado, doy a conocer que por acta fuera de protocolo número (145/19,036/2026) CIENTO CUARENTA Y CINCO DIAGONAL DIECINUEVE MIL TREINTA Y SEIS DIAGONAL DOS MIL VEINTISÉIS, de fecha (27) veintisiete del mes de Mayo del año (2026) dos mil veintiséis, pasada ante mi fe, se hizo constar LA RADICACIÓN E INICIACIÓN EXTRAJUDICIAL DE LA SUCESIÓN TESTAMENTARIA A BIENES DE MARGARITA SERNA OLIVO, que en los términos del artículo 881, 882 y demás relativos del Código de Procedimientos Civiles vigente en el Estado de Nuevo León, que promovieron los señores ENRIQUE ELIZONDO SERNA, ERNESTO ELIZONDO SERNA, HOMERO ELIZONDO SERNA, JOAQUÍN ELIZONDO SERNA, RODOLFO ELIZONDO SERNA, SERGIO ELIZONDO SERNA, NORA MARGARITA ELIZONDO SERNA Y NORMA ALICIA CORREA PEDRAZA en su carácter de ÚNICOS Y UNIVERSALES HEREDEROS y el señor ERNESTO ELIZONDO SERNA en su carácter de ALBACEA, así mismo aceptan la herencia y el cargo de albacea manifestando que van a proceder a formular el inventario de los bienes de la herencia; exhibiendo al efecto la Acta de Defunción, así como las certificaciones del estado civil con la que justifica el vínculo que le une con el autor de la sucesión; por lo que a través de la presente se convoca a las personas que se consideren con derecho a la herencia para que se presenten a deducirlo a esta Notaría Pública a mi cargo dentro de los siguientes 30-treinta días naturales contados a partir de su última publicación. Lo que se ordena publicar en esta forma, por 2 veces de 10 en 10 días en el Periódico "EL PORVENIR" que se edita en esta Ciudad, en los términos del artículo 882 del Código de Procedimientos Civiles vigente en el Estado.

LIC. ARNOLDO FRANCISCO SAENZ GALVÁN
NOTARIO PÚBLICO No. 145
SAGA-680302-MW1
(8 y 18)
PUBLICACIÓN NOTARIAL

Con fecha 29-veintinueve de Mayo del año 2026-dos mil veintiséis, se radicó en esta Notaría a mi cargo, el Juicio Sucesorio de Intestado a bienes de ANA JULIA ÁVILA PÉREZ, habiendo comparecido y aceptando los señores JOSÉ ANTONIO, MARÍA ELENA Y JUAN MANUEL todos de apellidos ÁVILA PÉREZ, el cargo de ÚNICOS Y UNIVERSALES HEREDEROS, así como el cargo de ALBACEA el señor JOSÉ ANTONIO ÁVILA PÉREZ. Lo que se Publica de acuerdo con el Artículo 882- ochocientos ochenta y dos del Código de Procedimientos Civiles vigente en el Estado, en el Periódico "EL PORVENIR" que se edita en esta Ciudad.

LIC. EDUARDO CARLOS LLANO GARCÍA
NOTARIO PÚBLICO NÚMERO 38
LAGE-540305-CT9
(8 y 18)
EDICTO

En fecha 20 veinte de abril del año 2026 dos mil veintiséis, se admitió en este Juzgado Quinto de lo Familiar del Primer Distrito Judicial en el Estado, con residencia en Monterrey, Nuevo León, dentro del expediente número 403/2026 relativo al juicio sucesorio de intestado especial a bienes de Guadalupe Martínez Ortiz y/o María Guadalupe Martínez Ortiz y/o Ma. Guadalupe Martínez Ortiz; resolviendo en común, en la que se ordenó la publicación de un edicto por una sola vez en el Periódico El Porvenir de la ciudad de Monterrey, Nuevo León; convocando a las personas que se consideren con derecho a la herencia a fin de que ocurran a este juzgado a deducirlo dentro del término de 10 diez días, contados desde la fecha de publicación del mismo, acorde con lo ordenado por el numeral 879 Bis del Código de Procedimientos Civiles del Estado. Monterrey, Nuevo León, a 04 cuatro de junio del 2026 dos mil veintiséis. Doy fe.

EL C. SECRETARIO ADSCRITO AL
JUZGADO QUINTO DE LO FAMILIAR
DEL PRIMER DISTRITO JUDICIAL
EN EL ESTADO.
LIC. JORGE ARMANDO GONZÁLEZ RIVERA.
(8)
EDICTO

En fecha 14 catorce de mayo 2026 dos mil veintiséis se admitió a trámite el expediente judicial número 517/2026 relativo al juicio sucesorio de intestado especial a bienes de Juan García Arellano; ordenándose por el auto de radicación la publicación de un edicto por una sola vez en el periódico "El Porvenir" que se edita en la Entidad, mediante el cual se convoca a todas aquellas personas que se estimen con derecho a la masa hereditaria, a fin de que acudan a deducir derechos al local de este juzgado, dentro del término de 10 diez días contado a partir del siguiente al de la publicación edicto ordenado. DOY FE. GUADALUPE, NUEVO LEÓN A 02 DOS DE JUNIO DEL 2026 DOS MIL VEINTISÉIS.

LA C. SECRETARIO ADSCRITO AL
JUZGADO PRIMERO DE LO FAMILIAR
DEL SEGUNDO DISTRITO JUDICIAL
EN EL ESTADO.
LIC. SANDRA LUZ GONZÁLEZ AGUIRRE.
(8)
EDICTO

En fecha 20 veinte de abril del año 2026 dos mil veintiséis se admitió a trámite el expediente judicial número 418/2026 relativo al juicio sucesorio de intestado especial a bienes de Salvador Rodríguez Morales, ante este juzgado; en el cual se ordenó la publicación de un edicto por una sola vez en el periódico "El Porvenir" que se edita en la Entidad, mediante el cual se convoca a todas aquellas personas que se estimen con derecho a la masa hereditaria, a fin de que acudan a deducir derechos al local de este juzgado, dentro del término de 10 diez días contado a partir del siguiente al de la publicación edicto ordenado. DOY FE. GUADALUPE, NUEVO LEÓN A 02 DOS DE JUNIO DE 2026 DOS MIL VEINTISÉIS.

LA C. SECRETARIO ADSCRITO AL
JUZGADO PRIMERO DE LO FAMILIAR
DEL SEGUNDO DISTRITO JUDICIAL
EN EL ESTADO.
LIC. JESSICA VIELMA TORRES.
(8)
EDICTO

En fecha 19 diecinueve de mayo del 2026 dos mil veintiséis, se admitió en este Juzgado Quinto de lo Familiar del Primer Distrito Judicial en el Estado, con residencia en Monterrey, Nuevo León, dentro del expediente número 502/2026, relativo al juicio sucesorio de intestado especial a bienes de Rey Gilberto Rafael Valera Ávila y/o Rey Gilberto Rafael Valera y/o Rey Gilberto Valera Ávila, resolviendo en común, en la que se ordenó la publicación de un edicto por una sola vez en el Periódico El Porvenir de la ciudad de Monterrey, Nuevo León; convocando a las personas que se consideren con derecho a la herencia a fin de que ocurran a este juzgado a deducirlo dentro del término de 30 treinta días, contados desde la fecha de publicación del mismo, acorde con lo ordenado por el numeral 879 Bis del Código de Procedimientos Civiles del Estado. Monterrey, Nuevo León a 02 dos de junio del 2026 dos mil veintiséis. Doy fe.

EL C. SECRETARIO ADSCRITO AL
JUZGADO QUINTO DE LO FAMILIAR
DEL PRIMER DISTRITO JUDICIAL
EN EL ESTADO.
LIC. JORGE ARMANDO GONZÁLEZ RIVERA.
(8)
Número de Edicto 152050

En fecha 20 veinte de mayo de 2026 dos mil veintiséis, se admitió en el Juzgado Segundo de lo Familiar del Segundo Distrito Judicial en el Estado, bajo el expediente judicial 502/2026, relativo al juicio sucesorio especial de intestado a bienes Juan Hernández Maldonado, ordenándose la publicación de un edicto por una sola vez en el periódico El Porvenir, que se edita en esta Ciudad, por medio del cual se convoca a todas aquellas personas que se crean con derecho a la herencia a fin de que acudan a deducir sus derechos dentro del término de 10 diez días contados a partir del siguiente a la fecha de la publicación del edicto.

Juárez, Nuevo León a 01 de junio de 2026 dos mil veintiséis.

FRANCISCO DE JESÚS CASTILLO LEOS
C. SECRETARIO ADSCRITO AL JUZGADO
SEGUNDO DE LO FAMILIAR DEL SEGUNDO
DISTRITO JUDICIAL
(8)
